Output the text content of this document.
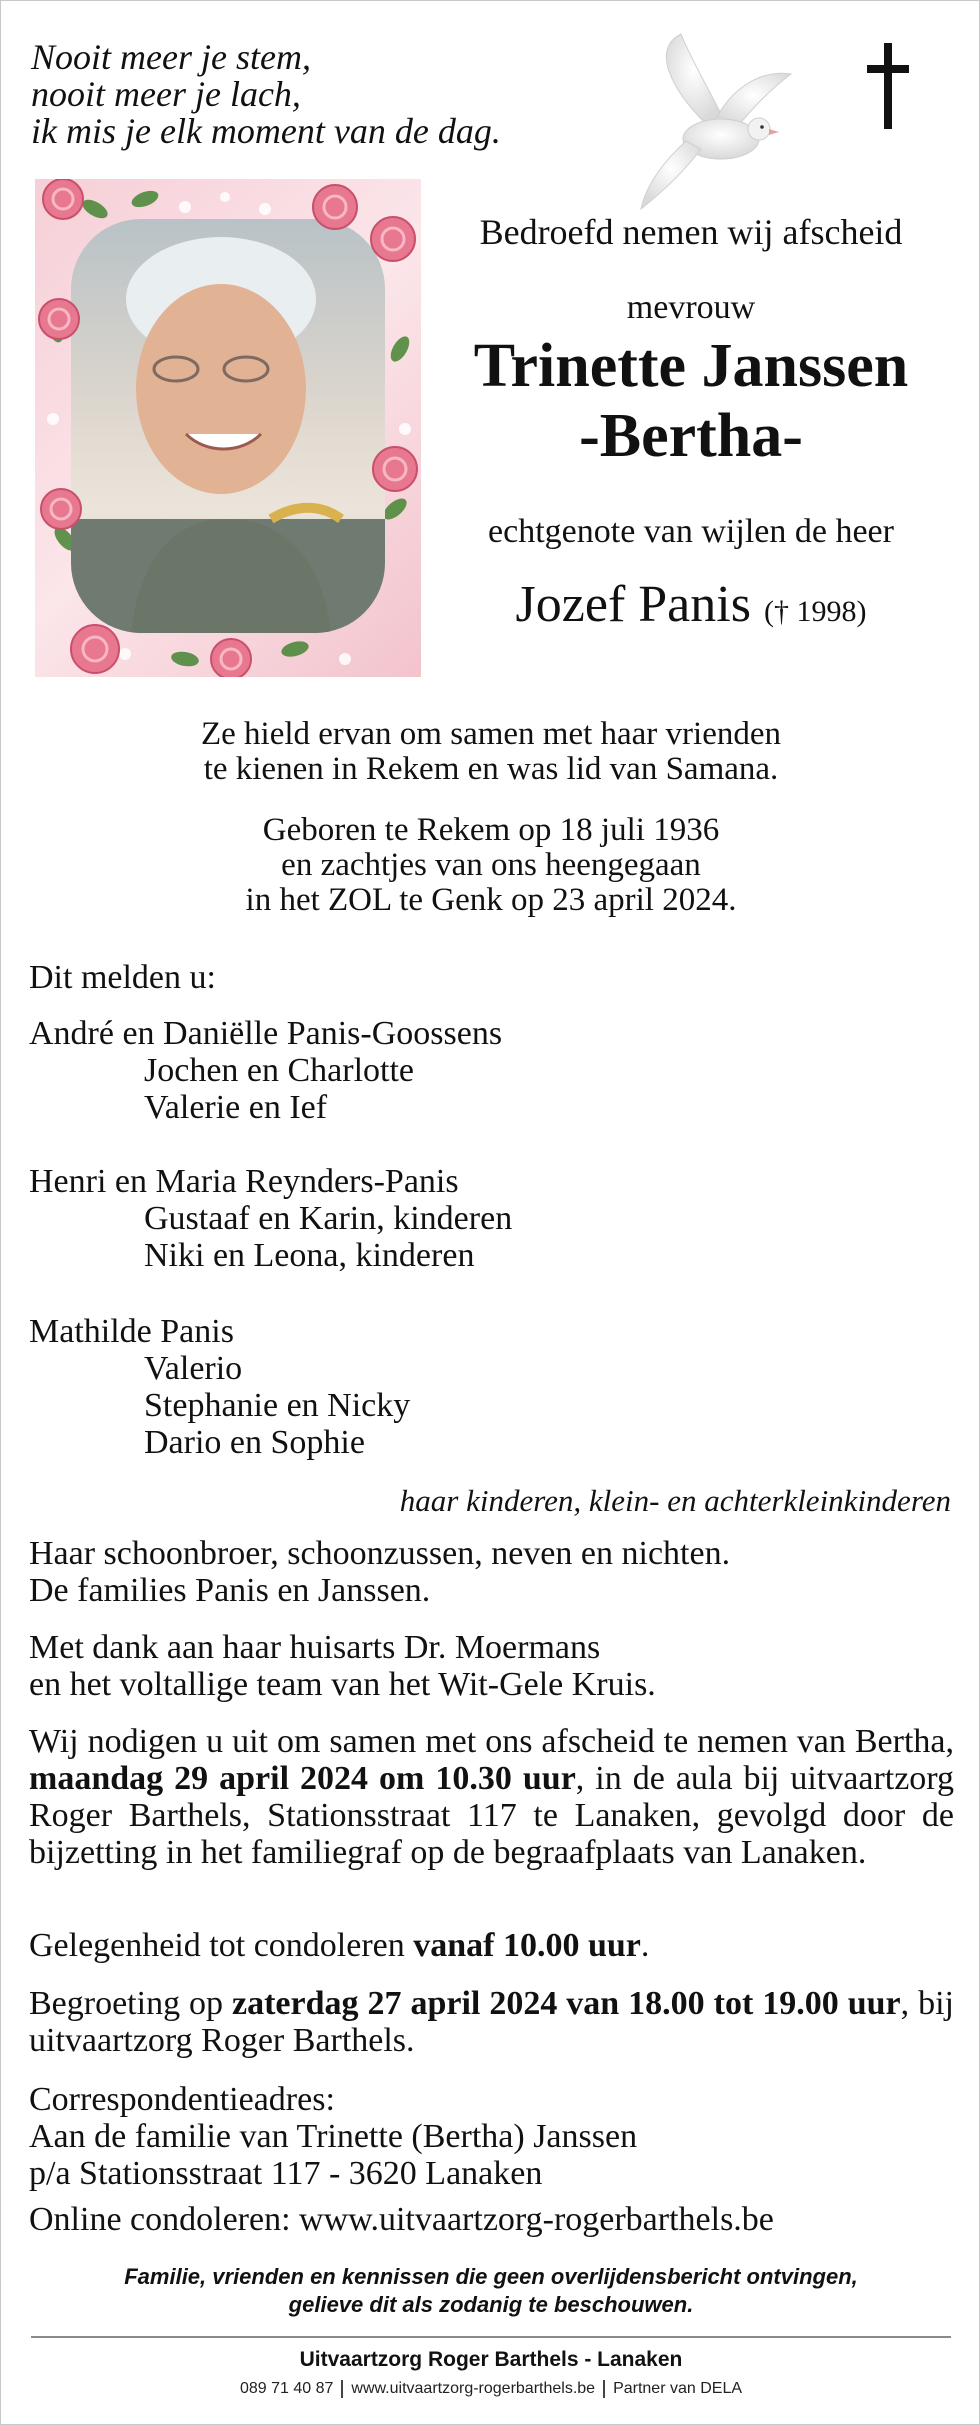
Nooit meer je stem,
nooit meer je lach,
ik mis je elk moment van de dag.
Bedroefd nemen wij afscheid
mevrouw
Trinette Janssen
-Bertha-
echtgenote van wijlen de heer
Jozef Panis († 1998)
Ze hield ervan om samen met haar vrienden
te kienen in Rekem en was lid van Samana.
Geboren te Rekem op 18 juli 1936
en zachtjes van ons heengegaan
in het ZOL te Genk op 23 april 2024.
Dit melden u:
André en Daniëlle Panis-Goossens
Jochen en Charlotte
Valerie en Ief
Henri en Maria Reynders-Panis
Gustaaf en Karin, kinderen
Niki en Leona, kinderen
Mathilde Panis
Valerio
Stephanie en Nicky
Dario en Sophie
haar kinderen, klein- en achterkleinkinderen
Haar schoonbroer, schoonzussen, neven en nichten.
De families Panis en Janssen.
Met dank aan haar huisarts Dr. Moermans
en het voltallige team van het Wit-Gele Kruis.
Wij nodigen u uit om samen met ons afscheid te nemen van Bertha, maandag 29 april 2024 om 10.30 uur, in de aula bij uitvaartzorg Roger Barthels, Stationsstraat 117 te Lanaken, gevolgd door de bijzetting in het familiegraf op de begraafplaats van Lanaken.
Gelegenheid tot condoleren vanaf 10.00 uur.
Begroeting op zaterdag 27 april 2024 van 18.00 tot 19.00 uur, bij uitvaartzorg Roger Barthels.
Correspondentieadres:
Aan de familie van Trinette (Bertha) Janssen
p/a Stationsstraat 117 - 3620 Lanaken
Online condoleren: www.uitvaartzorg-rogerbarthels.be
Familie, vrienden en kennissen die geen overlijdensbericht ontvingen,
gelieve dit als zodanig te beschouwen.
Uitvaartzorg Roger Barthels - Lanaken
089 71 40 87 www.uitvaartzorg-rogerbarthels.be Partner van DELA
